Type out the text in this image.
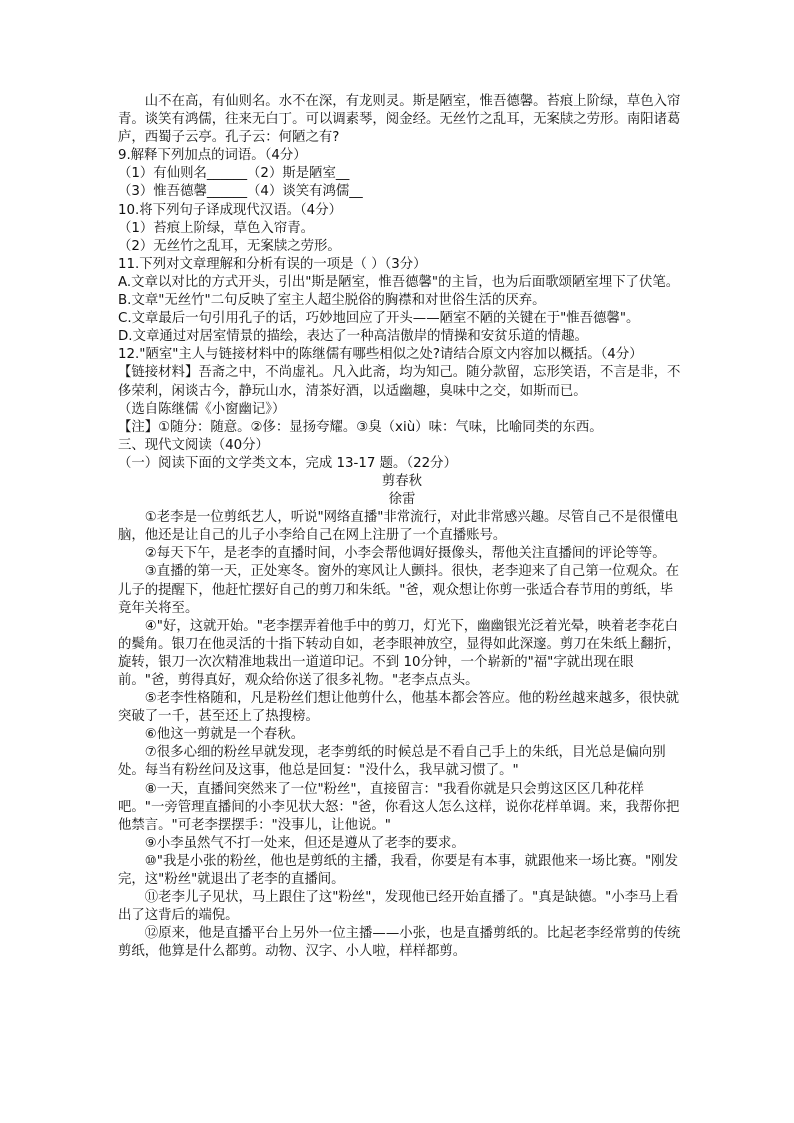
山不在高，有仙则名。水不在深，有龙则灵。斯是陋室，惟吾德馨。苔痕上阶绿，草色入帘青。谈笑有鸿儒，往来无白丁。可以调素琴，阅金经。无丝竹之乱耳，无案牍之劳形。南阳诸葛庐，西蜀子云亭。孔子云：何陋之有?

9.解释下列加点的词语。（4分）

（1）有仙则名______（2）斯是陋室__

（3）惟吾德馨______（4）谈笑有鸿儒__

10.将下列句子译成现代汉语。（4分）

（1）苔痕上阶绿，草色入帘青。

（2）无丝竹之乱耳，无案牍之劳形。

11.下列对文章理解和分析有误的一项是（ ）（3分）

A.文章以对比的方式开头，引出"斯是陋室，惟吾德馨"的主旨，也为后面歌颂陋室埋下了伏笔。

B.文章"无丝竹"二句反映了室主人超尘脱俗的胸襟和对世俗生活的厌弃。

C.文章最后一句引用孔子的话，巧妙地回应了开头——陋室不陋的关键在于"惟吾德馨"。

D.文章通过对居室情景的描绘，表达了一种高洁傲岸的情操和安贫乐道的情趣。

12."陋室"主人与链接材料中的陈继儒有哪些相似之处?请结合原文内容加以概括。（4分）

【链接材料】吾斋之中，不尚虚礼。凡入此斋，均为知己。随分款留，忘形笑语，不言是非，不侈荣利，闲谈古今，静玩山水，清茶好酒，以适幽趣，臭味中之交，如斯而已。

（选自陈继儒《小窗幽记》）

【注】①随分：随意。②侈：显扬夸耀。③臭（xiù）味：气味，比喻同类的东西。

三、现代文阅读（40分）

（一）阅读下面的文学类文本，完成 13-17 题。（22分）

剪春秋

徐雷

①老李是一位剪纸艺人，听说"网络直播"非常流行，对此非常感兴趣。尽管自己不是很懂电脑，他还是让自己的儿子小李给自己在网上注册了一个直播账号。

②每天下午，是老李的直播时间，小李会帮他调好摄像头，帮他关注直播间的评论等等。

③直播的第一天，正处寒冬。窗外的寒风让人颤抖。很快，老李迎来了自己第一位观众。在儿子的提醒下，他赶忙摆好自己的剪刀和朱纸。"爸，观众想让你剪一张适合春节用的剪纸，毕竟年关将至。

④"好，这就开始。"老李摆弄着他手中的剪刀，灯光下，幽幽银光泛着光晕，映着老李花白的鬓角。银刀在他灵活的十指下转动自如，老李眼神放空，显得如此深邃。剪刀在朱纸上翻折，旋转，银刀一次次精准地栽出一道道印记。不到 10分钟，一个崭新的"福"字就出现在眼前。"爸，剪得真好，观众给你送了很多礼物。"老李点点头。

⑤老李性格随和，凡是粉丝们想让他剪什么，他基本都会答应。他的粉丝越来越多，很快就突破了一千，甚至还上了热搜榜。

⑥他这一剪就是一个春秋。

⑦很多心细的粉丝早就发现，老李剪纸的时候总是不看自己手上的朱纸，目光总是偏向别处。每当有粉丝问及这事，他总是回复："没什么，我早就习惯了。"

⑧一天，直播间突然来了一位"粉丝"，直接留言："我看你就是只会剪这区区几种花样吧。"一旁管理直播间的小李见状大怒："爸，你看这人怎么这样，说你花样单调。来，我帮你把他禁言。"可老李摆摆手："没事儿，让他说。"

⑨小李虽然气不打一处来，但还是遵从了老李的要求。

⑩"我是小张的粉丝，他也是剪纸的主播，我看，你要是有本事，就跟他来一场比赛。"刚发完，这"粉丝"就退出了老李的直播间。

⑪老李儿子见状，马上跟住了这"粉丝"，发现他已经开始直播了。"真是缺德。"小李马上看出了这背后的端倪。

⑫原来，他是直播平台上另外一位主播——小张，也是直播剪纸的。比起老李经常剪的传统剪纸，他算是什么都剪。动物、汉字、小人啦，样样都剪。
